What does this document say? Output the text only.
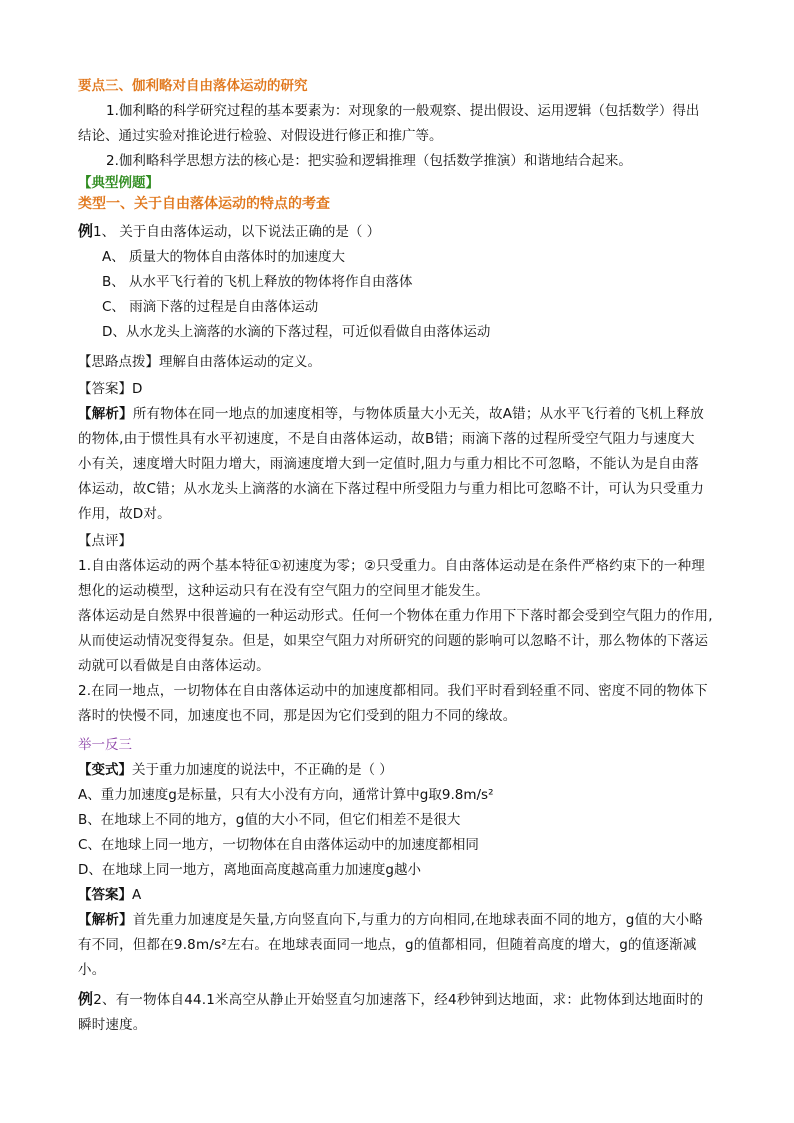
要点三、伽利略对自由落体运动的研究
1.伽利略的科学研究过程的基本要素为：对现象的一般观察、提出假设、运用逻辑（包括数学）得出
结论、通过实验对推论进行检验、对假设进行修正和推广等。
2.伽利略科学思想方法的核心是：把实验和逻辑推理（包括数学推演）和谐地结合起来。
【典型例题】
类型一、关于自由落体运动的特点的考查
例1、 关于自由落体运动，以下说法正确的是（ ）
A、 质量大的物体自由落体时的加速度大
B、 从水平飞行着的飞机上释放的物体将作自由落体
C、 雨滴下落的过程是自由落体运动
D、从水龙头上滴落的水滴的下落过程，可近似看做自由落体运动
【思路点拨】理解自由落体运动的定义。
【答案】D
【解析】所有物体在同一地点的加速度相等，与物体质量大小无关，故A错；从水平飞行着的飞机上释放
的物体,由于惯性具有水平初速度，不是自由落体运动，故B错；雨滴下落的过程所受空气阻力与速度大
小有关，速度增大时阻力增大，雨滴速度增大到一定值时,阻力与重力相比不可忽略，不能认为是自由落
体运动，故C错；从水龙头上滴落的水滴在下落过程中所受阻力与重力相比可忽略不计，可认为只受重力
作用，故D对。
【点评】
1.自由落体运动的两个基本特征①初速度为零；②只受重力。自由落体运动是在条件严格约束下的一种理
想化的运动模型，这种运动只有在没有空气阻力的空间里才能发生。
落体运动是自然界中很普遍的一种运动形式。任何一个物体在重力作用下下落时都会受到空气阻力的作用,
从而使运动情况变得复杂。但是，如果空气阻力对所研究的问题的影响可以忽略不计，那么物体的下落运
动就可以看做是自由落体运动。
2.在同一地点，一切物体在自由落体运动中的加速度都相同。我们平时看到轻重不同、密度不同的物体下
落时的快慢不同，加速度也不同，那是因为它们受到的阻力不同的缘故。
举一反三
【变式】关于重力加速度的说法中，不正确的是（ ）
A、重力加速度g是标量，只有大小没有方向，通常计算中g取9.8m/s²
B、在地球上不同的地方，g值的大小不同，但它们相差不是很大
C、在地球上同一地方，一切物体在自由落体运动中的加速度都相同
D、在地球上同一地方，离地面高度越高重力加速度g越小
【答案】A
【解析】首先重力加速度是矢量,方向竖直向下,与重力的方向相同,在地球表面不同的地方，g值的大小略
有不同，但都在9.8m/s²左右。在地球表面同一地点，g的值都相同，但随着高度的增大，g的值逐渐减
小。
例2、有一物体自44.1米高空从静止开始竖直匀加速落下，经4秒钟到达地面，求：此物体到达地面时的
瞬时速度。
